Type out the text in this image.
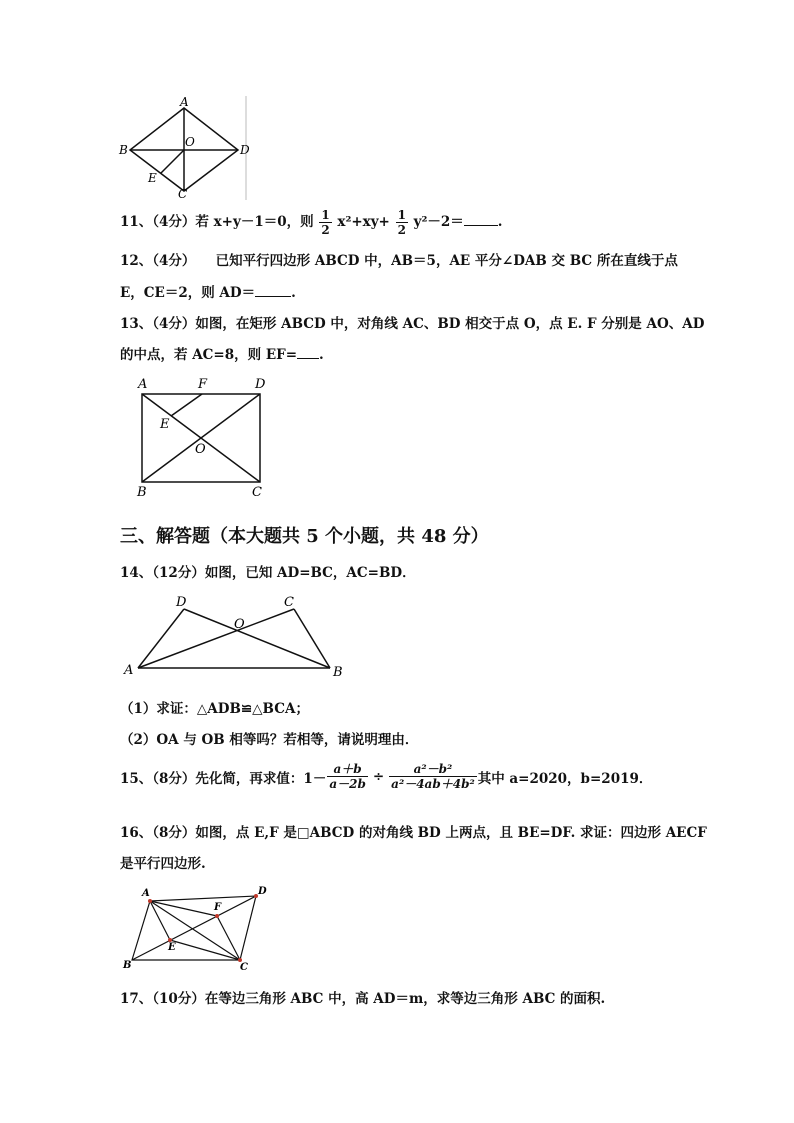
A
B
C
D
O
E
11、（4分）若 x+y－1＝0，则 $\frac{1}{2} x^2+xy+ \frac{1}{2} y^2-2=$	.
12、（4分）　　已知平行四边形 ABCD 中，AB＝5，AE 平分∠DAB 交 BC 所在直线于点
E，CE＝2，则 AD＝	.
13、（4分）如图，在矩形 ABCD 中，对角线 AC、BD 相交于点 O，点 E. F 分别是 AO、AD
的中点，若 AC=8，则 EF= .
A	F	D
E
O
B	C
三、解答题（本大题共 5 个小题，共 48 分）
14、（12分）如图，已知 AD=BC，AC=BD．
D	C
O
A	B
（1）求证：△ADB≌△BCA；
（2）OA 与 OB 相等吗？若相等，请说明理由．
15、（8分）先化简，再求值：$1- \frac{a+b}{a-2b} \div \frac{\text{a²－b²}}{\text{a²－4ab＋4b²}}$ 其中 a=2020，b=2019．
16、（8分）如图，点 E,F 是□ABCD 的对角线 BD 上两点，且 BE=DF. 求证：四边形 AECF
是平行四边形.
A	D
F
E
B	C
17、（10分）在等边三角形 ABC 中，高 AD＝m，求等边三角形 ABC 的面积.
